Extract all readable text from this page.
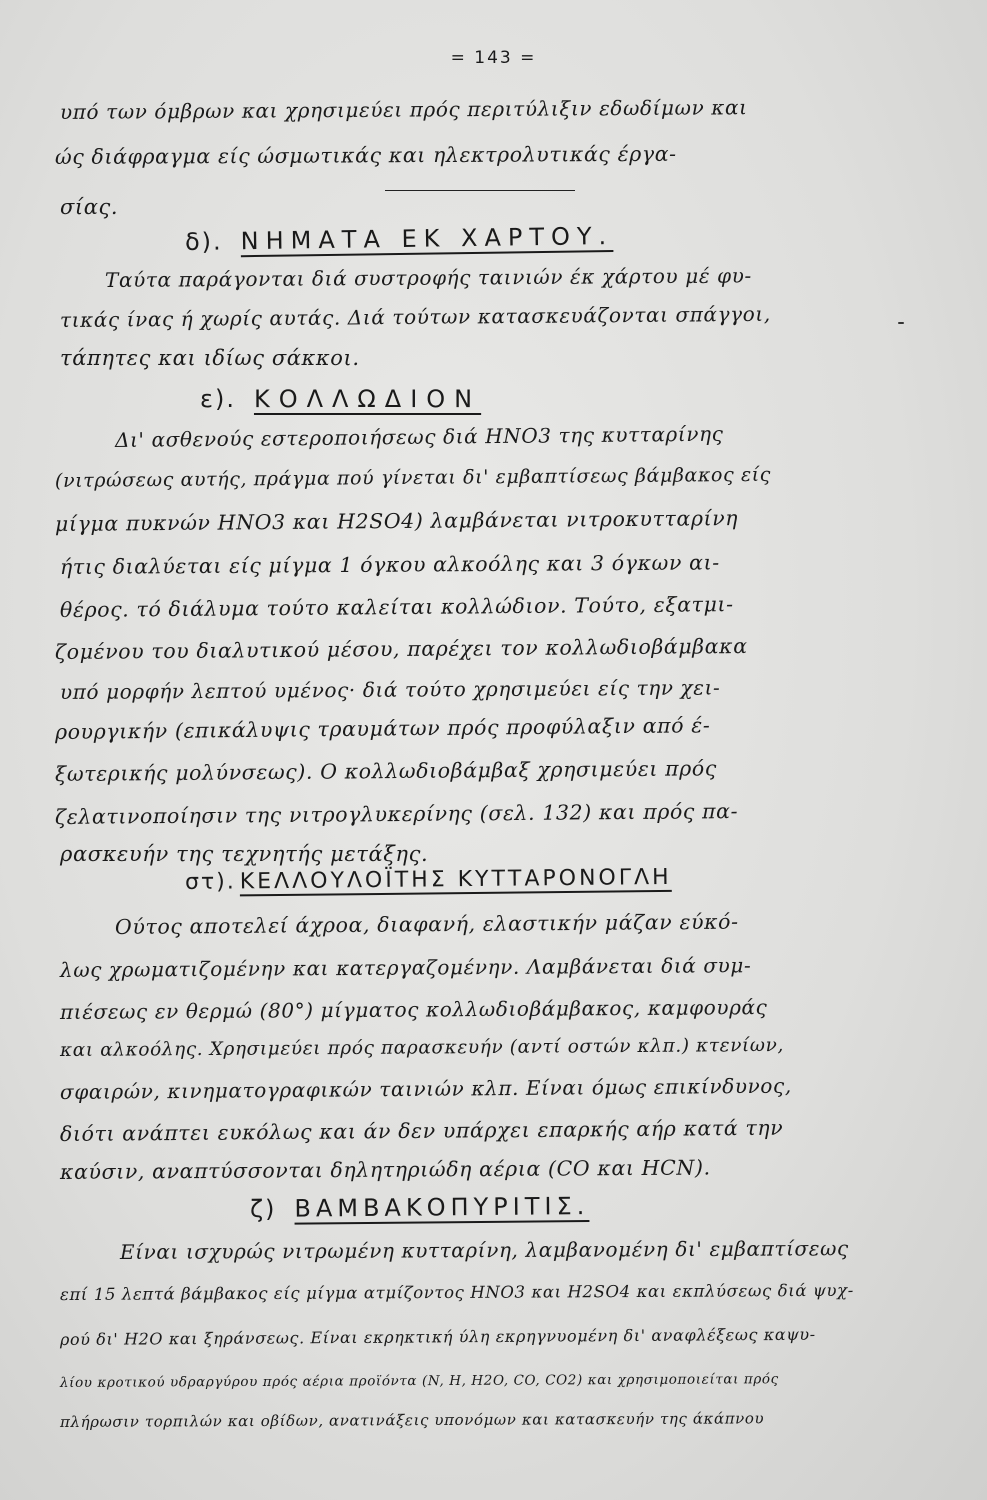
= 143 =
υπό των όμβρων και χρησιμεύει πρός περιτύλιξιν εδωδίμων και
ώς διάφραγμα είς ώσμωτικάς και ηλεκτρολυτικάς έργα-
σίας.
δ). ΝΗΜΑΤΑ ΕΚ ΧΑΡΤΟΥ.
Ταύτα παράγονται διά συστροφής ταινιών έκ χάρτου μέ φυ-
τικάς ίνας ή χωρίς αυτάς. Διά τούτων κατασκευάζονται σπάγγοι,
τάπητες και ιδίως σάκκοι.
ε). ΚΟΛΛΩΔΙΟΝ
Δι' ασθενούς εστεροποιήσεως διά HNO3 της κυτταρίνης
(νιτρώσεως αυτής, πράγμα πού γίνεται δι' εμβαπτίσεως βάμβακος είς
μίγμα πυκνών HNO3 και H2SO4) λαμβάνεται νιτροκυτταρίνη
ήτις διαλύεται είς μίγμα 1 όγκου αλκοόλης και 3 όγκων αι-
θέρος. τό διάλυμα τούτο καλείται κολλώδιον. Τούτο, εξατμι-
ζομένου του διαλυτικού μέσου, παρέχει τον κολλωδιοβάμβακα
υπό μορφήν λεπτού υμένος· διά τούτο χρησιμεύει είς την χει-
ρουργικήν (επικάλυψις τραυμάτων πρός προφύλαξιν από έ-
ξωτερικής μολύνσεως). Ο κολλωδιοβάμβαξ χρησιμεύει πρός
ζελατινοποίησιν της νιτρογλυκερίνης (σελ. 132) και πρός πα-
ρασκευήν της τεχνητής μετάξης.
στ). ΚΕΛΛΟΥΛΟΪΤΗΣ ΚΥΤΤΑΡΟΝΟΓΛΗ
Ούτος αποτελεί άχροα, διαφανή, ελαστικήν μάζαν εύκό-
λως χρωματιζομένην και κατεργαζομένην. Λαμβάνεται διά συμ-
πιέσεως εν θερμώ (80°) μίγματος κολλωδιοβάμβακος, καμφουράς
και αλκοόλης. Χρησιμεύει πρός παρασκευήν (αντί οστών κλπ.) κτενίων,
σφαιρών, κινηματογραφικών ταινιών κλπ. Είναι όμως επικίνδυνος,
διότι ανάπτει ευκόλως και άν δεν υπάρχει επαρκής αήρ κατά την
καύσιν, αναπτύσσονται δηλητηριώδη αέρια (CO και HCN).
ζ) ΒΑΜΒΑΚΟΠΥΡΙΤΙΣ.
Είναι ισχυρώς νιτρωμένη κυτταρίνη, λαμβανομένη δι' εμβαπτίσεως
επί 15 λεπτά βάμβακος είς μίγμα ατμίζοντος HNO3 και H2SO4 και εκπλύσεως διά ψυχ-
ρού δι' H2O και ξηράνσεως. Είναι εκρηκτική ύλη εκρηγνυομένη δι' αναφλέξεως καψυ-
λίου κροτικού υδραργύρου πρός αέρια προϊόντα (N, H, H2O, CO, CO2) και χρησιμοποιείται πρός
πλήρωσιν τορπιλών και οβίδων, ανατινάξεις υπονόμων και κατασκευήν της άκάπνου
